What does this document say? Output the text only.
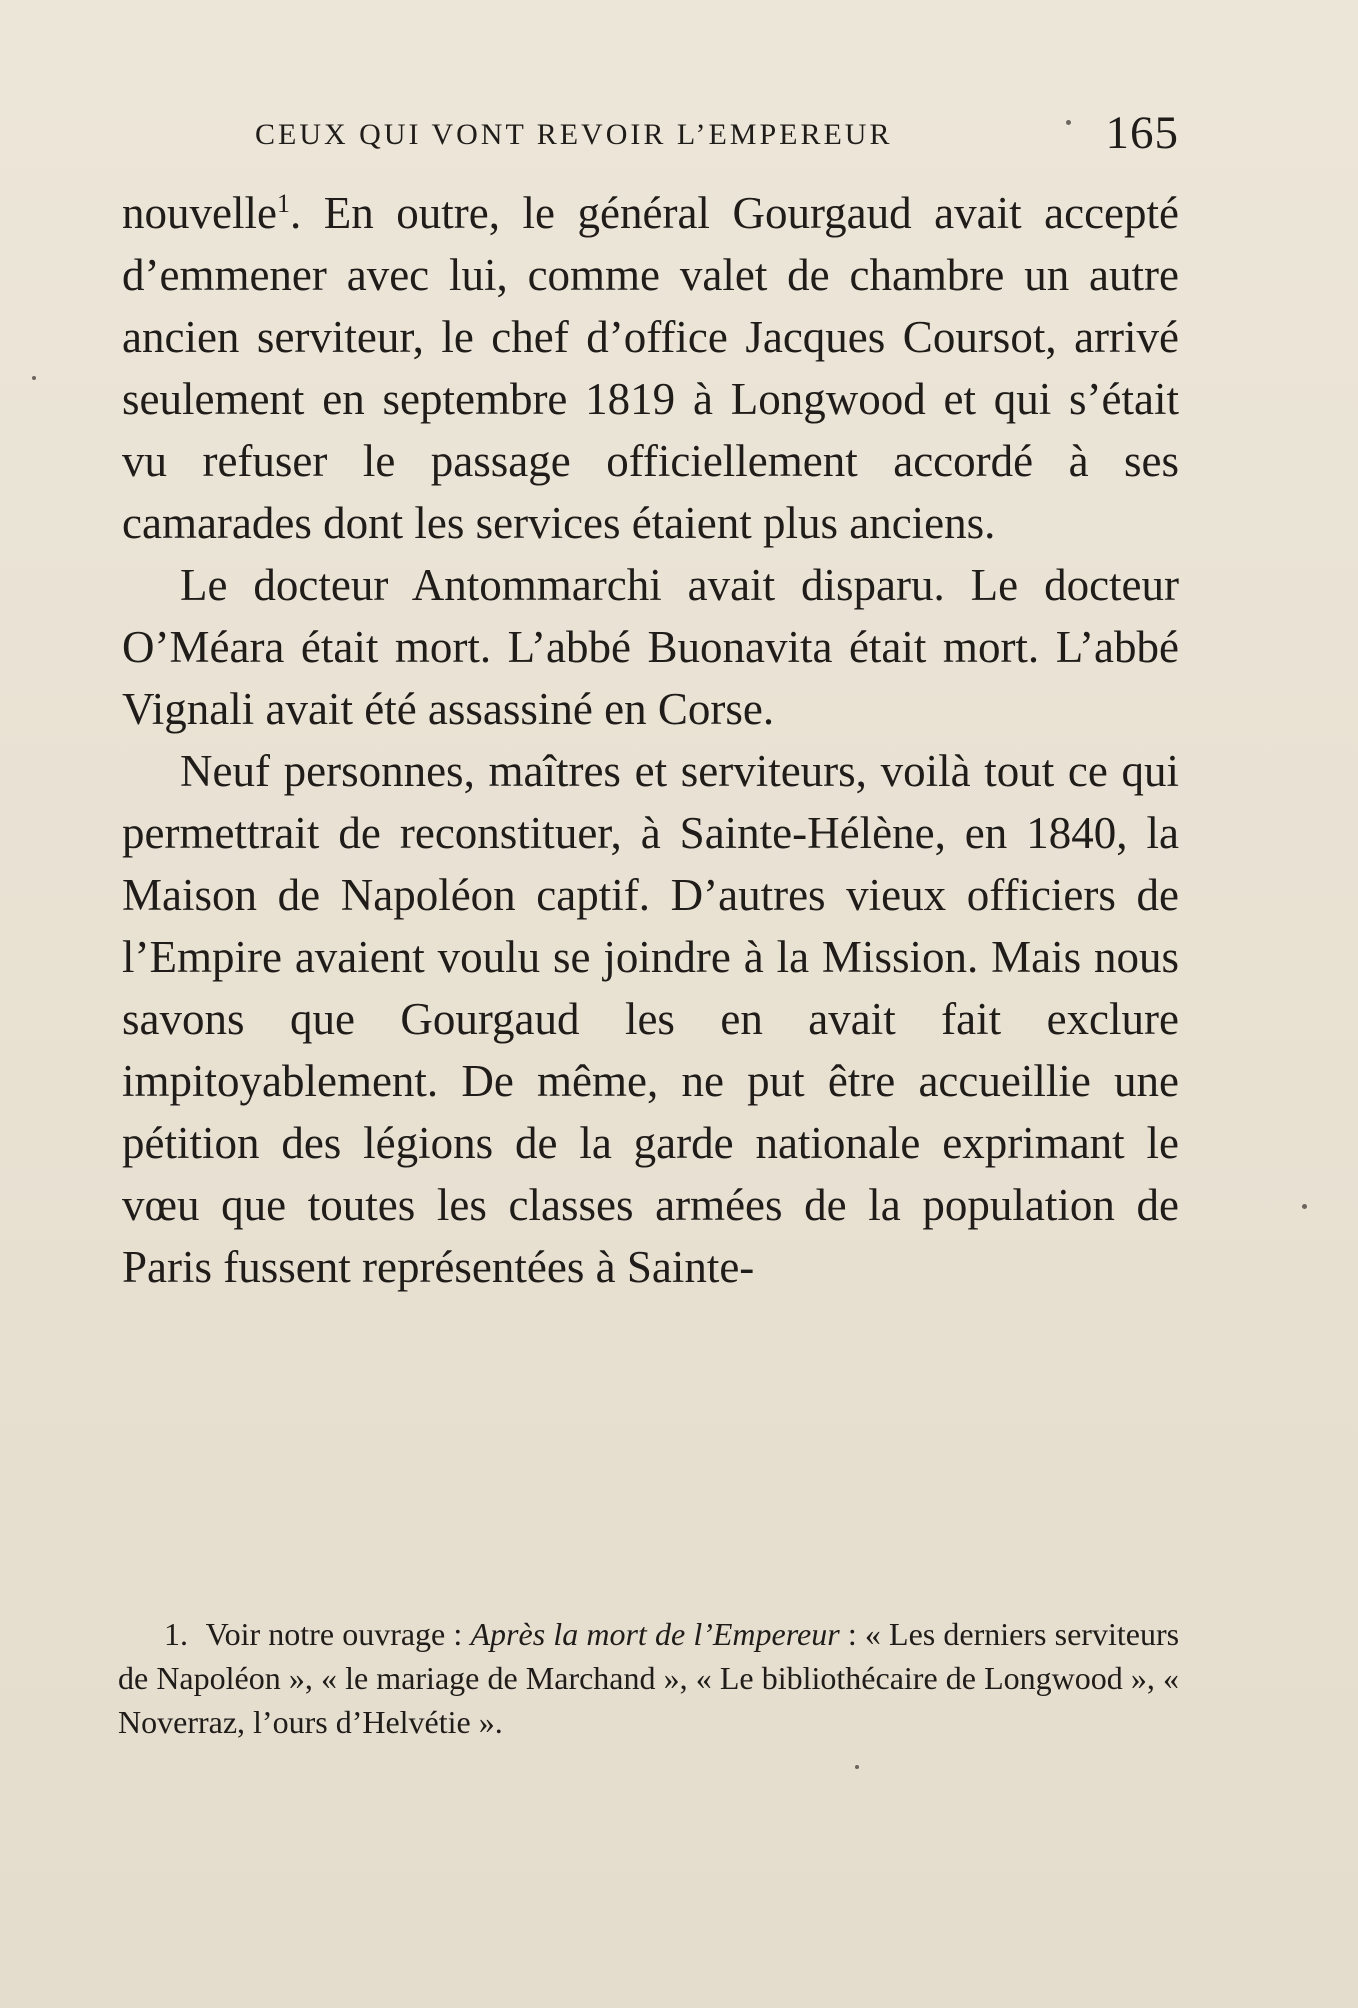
CEUX QUI VONT REVOIR L’EMPEREUR	165

nouvelle$^1$. En outre, le général Gourgaud avait accepté d’emmener avec lui, comme valet de chambre un autre ancien serviteur, le chef d’office Jacques Coursot, arrivé seulement en septembre 1819 à Longwood et qui s’était vu refuser le passage officiellement accordé à ses camarades dont les services étaient plus anciens.

Le docteur Antommarchi avait disparu. Le docteur O’Méara était mort. L’abbé Buonavita était mort. L’abbé Vignali avait été assassiné en Corse.

Neuf personnes, maîtres et serviteurs, voilà tout ce qui permettrait de reconstituer, à Sainte-Hélène, en 1840, la Maison de Napoléon captif. D’autres vieux officiers de l’Empire avaient voulu se joindre à la Mission. Mais nous savons que Gourgaud les en avait fait exclure impitoyablement. De même, ne put être accueillie une pétition des légions de la garde nationale exprimant le vœu que toutes les classes armées de la population de Paris fussent représentées à Sainte-

1. Voir notre ouvrage : Après la mort de l’Empereur : « Les derniers serviteurs de Napoléon », « le mariage de Marchand », « Le bibliothécaire de Longwood », « Noverraz, l’ours d’Helvétie ».
